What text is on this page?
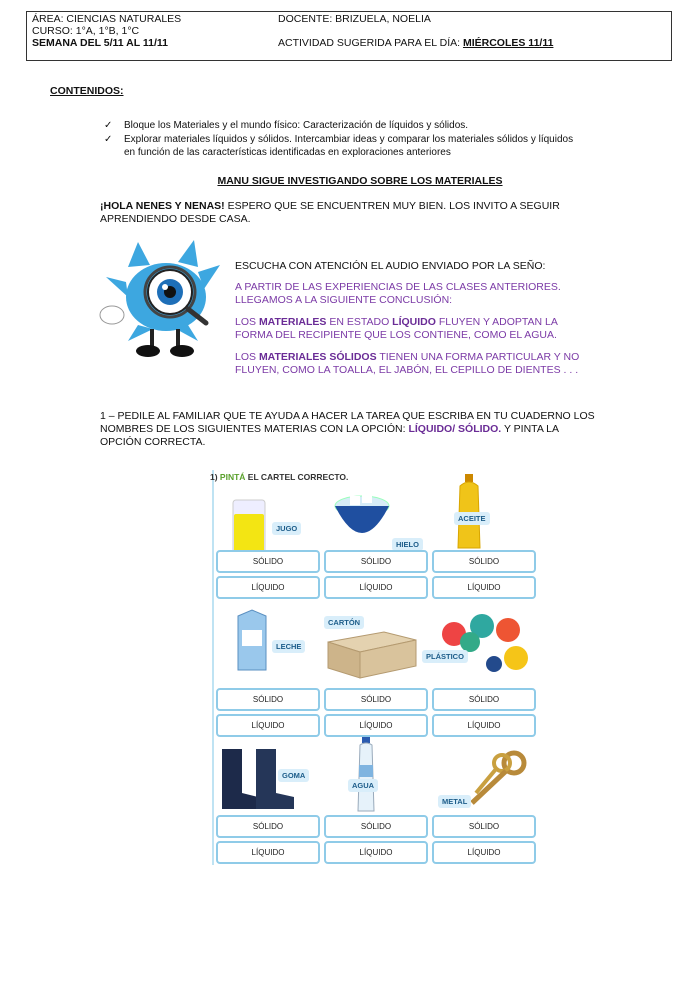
ÁREA: CIENCIAS NATURALES	DOCENTE: BRIZUELA, NOELIA
CURSO: 1°A, 1°B, 1°C
SEMANA DEL 5/11 AL 11/11	ACTIVIDAD SUGERIDA PARA EL DÍA: MIÉRCOLES 11/11
CONTENIDOS:
✓ Bloque los Materiales y el mundo físico: Caracterización de líquidos y sólidos.
✓ Explorar materiales líquidos y sólidos. Intercambiar ideas y comparar los materiales sólidos y líquidos en función de las características identificadas en exploraciones anteriores
MANU SIGUE INVESTIGANDO SOBRE LOS MATERIALES
¡HOLA NENES Y NENAS! ESPERO QUE SE ENCUENTREN MUY BIEN. LOS INVITO A SEGUIR APRENDIENDO DESDE CASA.
ESCUCHA CON ATENCIÓN EL AUDIO ENVIADO POR LA SEÑO:
A PARTIR DE LAS EXPERIENCIAS DE LAS CLASES ANTERIORES. LLEGAMOS A LA SIGUIENTE CONCLUSIÓN:
LOS MATERIALES EN ESTADO LÍQUIDO FLUYEN Y ADOPTAN LA FORMA DEL RECIPIENTE QUE LOS CONTIENE, COMO EL AGUA.
LOS MATERIALES SÓLIDOS TIENEN UNA FORMA PARTICULAR Y NO FLUYEN, COMO LA TOALLA, EL JABÓN, EL CEPILLO DE DIENTES . . .
1 – PEDILE AL FAMILIAR QUE TE AYUDA A HACER LA TAREA QUE ESCRIBA EN TU CUADERNO LOS NOMBRES DE LOS SIGUIENTES MATERIAS CON LA OPCIÓN: LÍQUIDO/ SÓLIDO. Y PINTA LA OPCIÓN CORRECTA.
1) PINTÁ EL CARTEL CORRECTO.
JUGO
SÓLIDO
LÍQUIDO
HIELO
SÓLIDO
LÍQUIDO
ACEITE
SÓLIDO
LÍQUIDO
LECHE
SÓLIDO
LÍQUIDO
CARTÓN
SÓLIDO
LÍQUIDO
PLÁSTICO
SÓLIDO
LÍQUIDO
GOMA
SÓLIDO
LÍQUIDO
AGUA
SÓLIDO
LÍQUIDO
METAL
SÓLIDO
LÍQUIDO
